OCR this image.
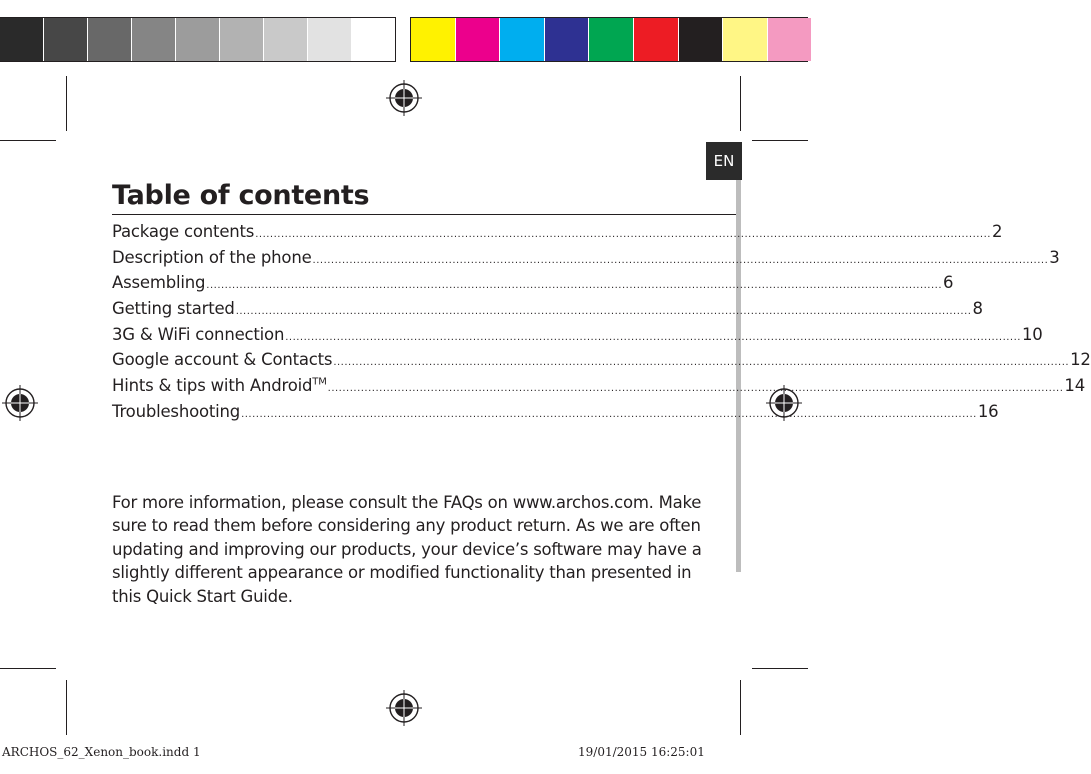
EN
Table of contents
Package contents ........................................................................................................................................................................................................ 2
Description of the phone ........................................................................................................................................................................................................ 3
Assembling ........................................................................................................................................................................................................ 6
Getting started ........................................................................................................................................................................................................ 8
3G & WiFi connection ........................................................................................................................................................................................................ 10
Google account & Contacts ........................................................................................................................................................................................................ 12
Hints & tips with Android™
........................................................................................................................................................................................................ 14
Troubleshooting ........................................................................................................................................................................................................ 16
For more information, please consult the FAQs on www.archos.com. Make sure to read them before considering any product return. As we are often updating and improving our products, your device’s software may have a slightly different appearance or modified functionality than presented in this Quick Start Guide.
ARCHOS_62_Xenon_book.indd 1	19/01/2015 16:25:01
